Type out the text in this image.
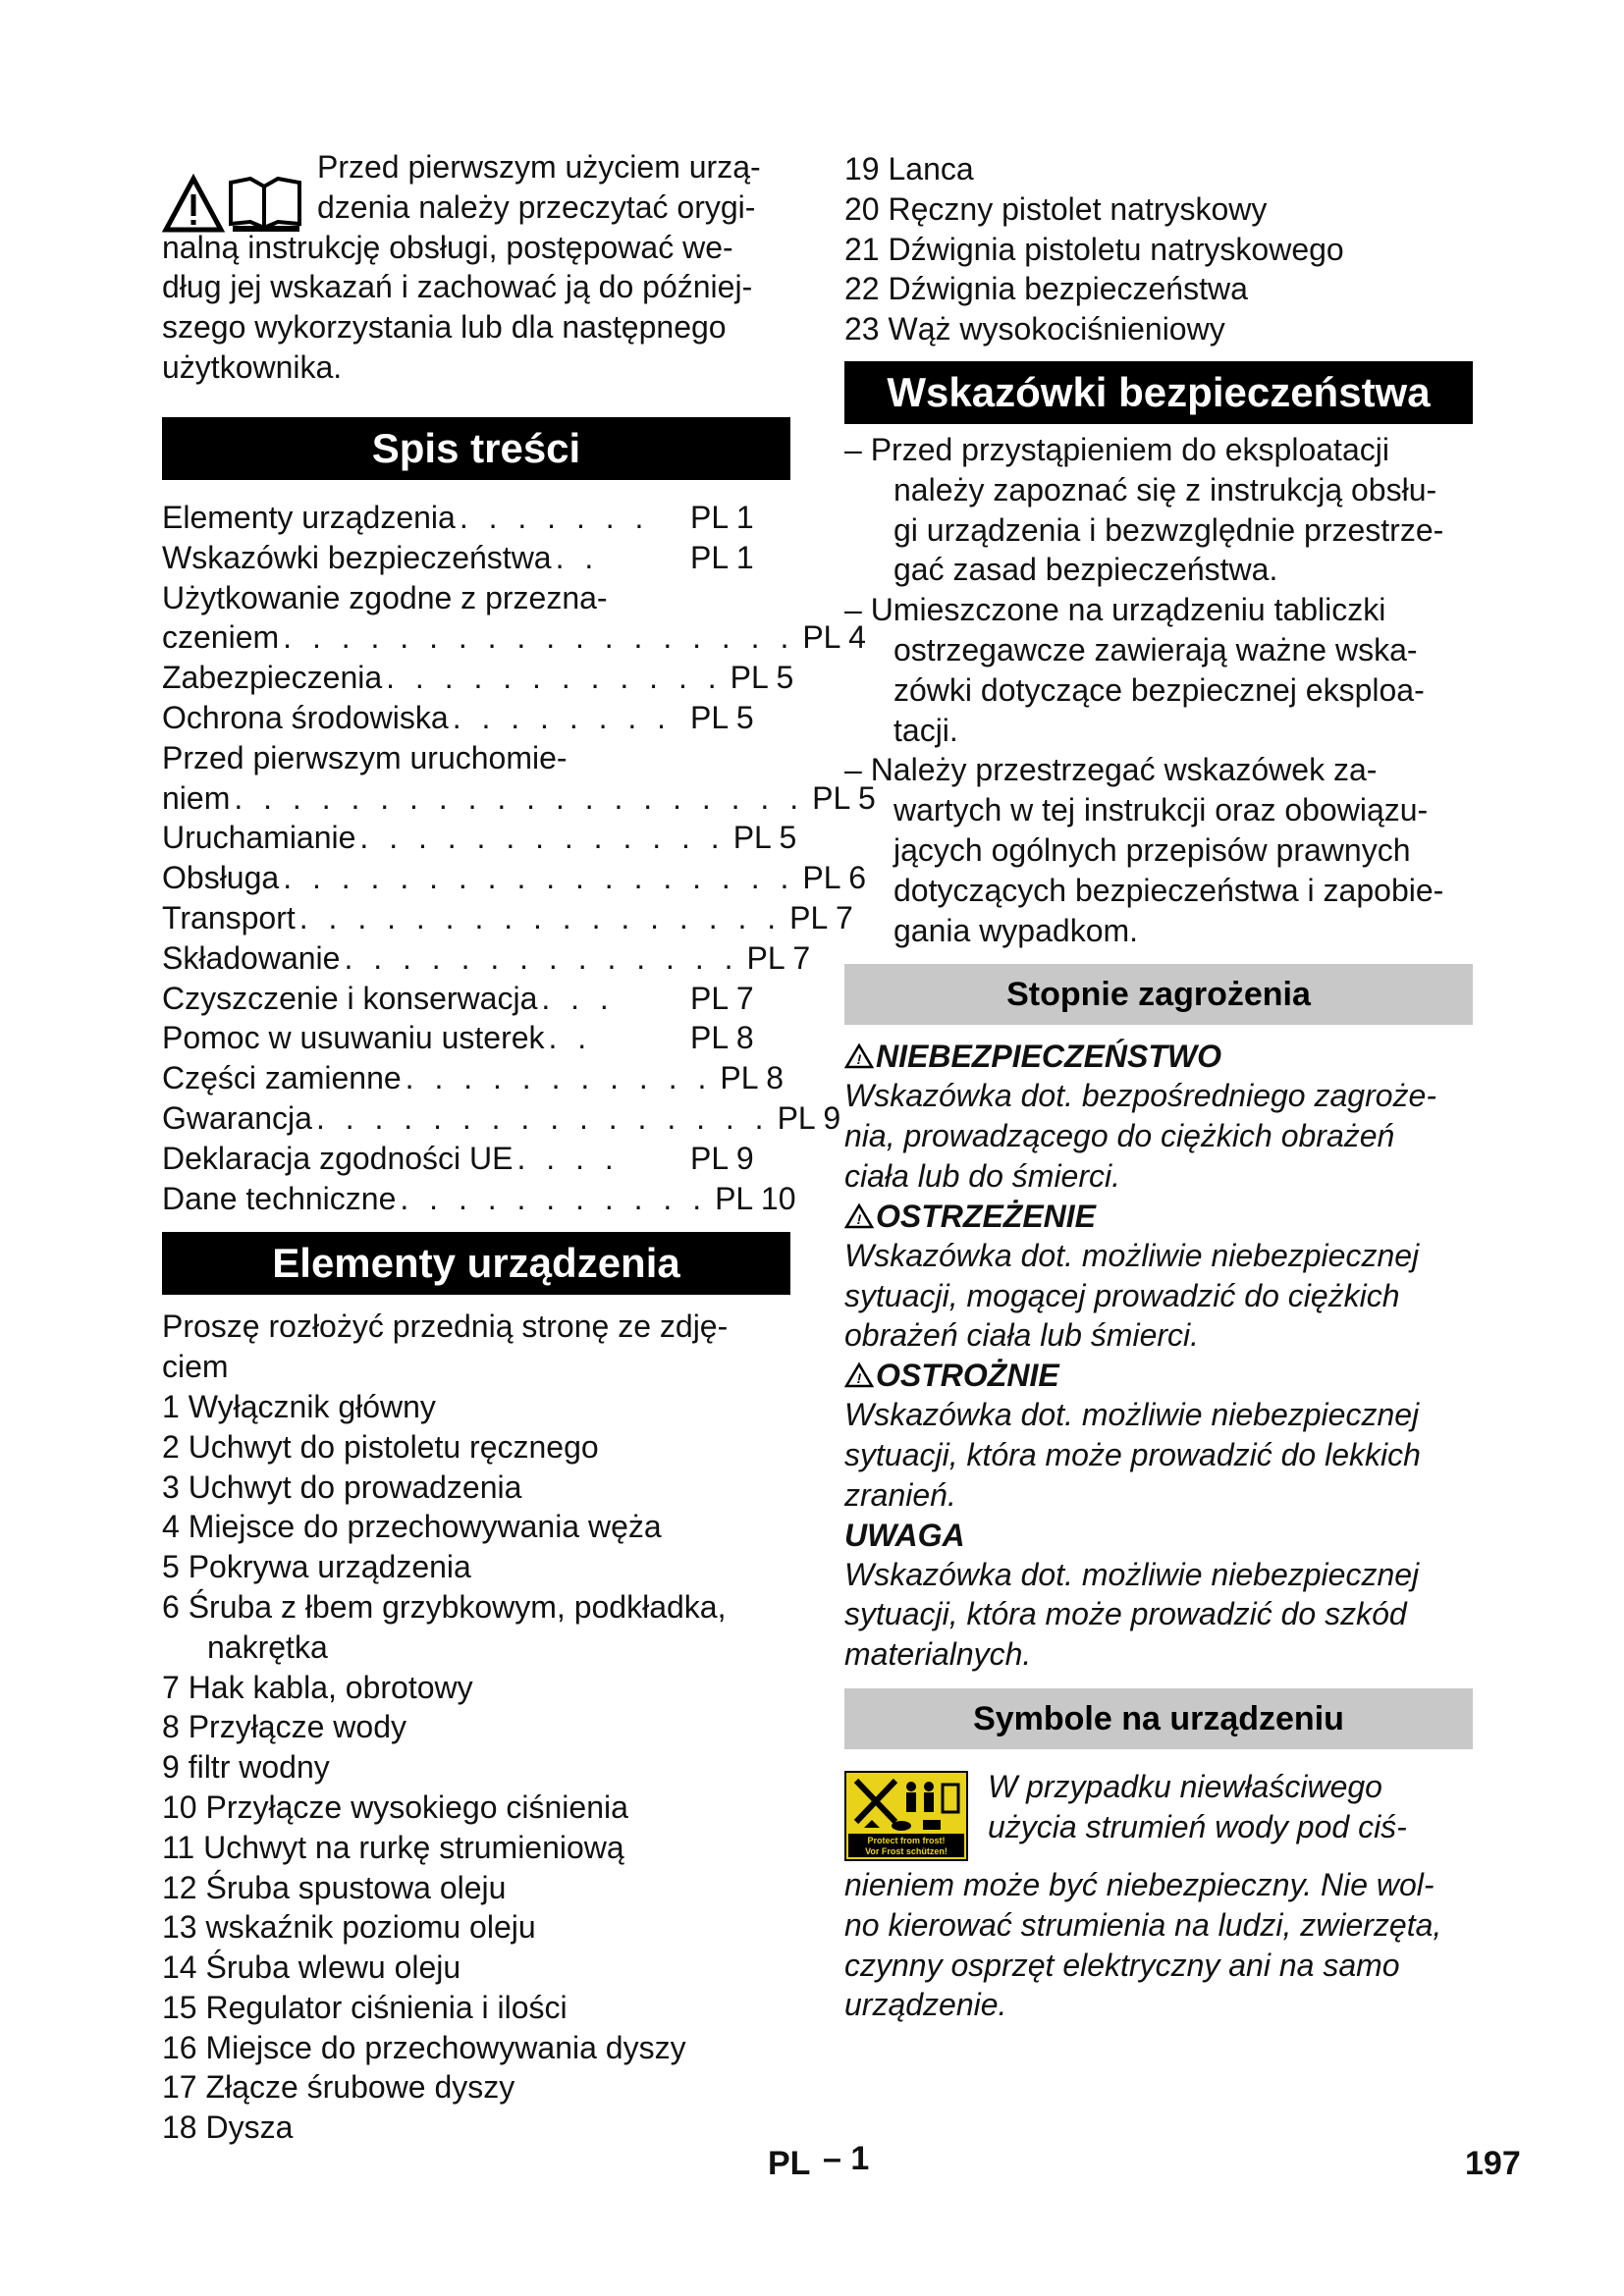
Przed pierwszym użyciem urzą-
dzenia należy przeczytać orygi-
nalną instrukcję obsługi, postępować we-
dług jej wskazań i zachować ją do później-
szego wykorzystania lub dla następnego
użytkownika.
Spis treści
Elementy urządzenia . . . . . . .	PL 1
Wskazówki bezpieczeństwa . .	PL 1
Użytkowanie zgodne z przezna-
czeniem . . . . . . . . . . . . . . . . . . PL 4
Zabezpieczenia . . . . . . . . . . . . PL 5
Ochrona środowiska . . . . . . . . PL 5
Przed pierwszym uruchomie-
niem . . . . . . . . . . . . . . . . . . . . PL 5
Uruchamianie . . . . . . . . . . . . . PL 5
Obsługa . . . . . . . . . . . . . . . . . . PL 6
Transport . . . . . . . . . . . . . . . . . PL 7
Składowanie . . . . . . . . . . . . . . PL 7
Czyszczenie i konserwacja . . .	PL 7
Pomoc w usuwaniu usterek . .	PL 8
Części zamienne . . . . . . . . . . . PL 8
Gwarancja . . . . . . . . . . . . . . . . PL 9
Deklaracja zgodności UE . . . .	PL 9
Dane techniczne . . . . . . . . . . . PL 10
Elementy urządzenia
Proszę rozłożyć przednią stronę ze zdję-
ciem
1 Wyłącznik główny
2 Uchwyt do pistoletu ręcznego
3 Uchwyt do prowadzenia
4 Miejsce do przechowywania węża
5 Pokrywa urządzenia
6 Śruba z łbem grzybkowym, podkładka, nakrętka
7 Hak kabla, obrotowy
8 Przyłącze wody
9 filtr wodny
10 Przyłącze wysokiego ciśnienia
11 Uchwyt na rurkę strumieniową
12 Śruba spustowa oleju
13 wskaźnik poziomu oleju
14 Śruba wlewu oleju
15 Regulator ciśnienia i ilości
16 Miejsce do przechowywania dyszy
17 Złącze śrubowe dyszy
18 Dysza
19 Lanca
20 Ręczny pistolet natryskowy
21 Dźwignia pistoletu natryskowego
22 Dźwignia bezpieczeństwa
23 Wąż wysokociśnieniowy
Wskazówki bezpieczeństwa
– Przed przystąpieniem do eksploatacji
należy zapoznać się z instrukcją obsłu-
gi urządzenia i bezwzględnie przestrze-
gać zasad bezpieczeństwa.
– Umieszczone na urządzeniu tabliczki
ostrzegawcze zawierają ważne wska-
zówki dotyczące bezpiecznej eksploa-
tacji.
– Należy przestrzegać wskazówek za-
wartych w tej instrukcji oraz obowiązu-
jących ogólnych przepisów prawnych
dotyczących bezpieczeństwa i zapobie-
gania wypadkom.
Stopnie zagrożenia
! NIEBEZPIECZEŃSTWO
Wskazówka dot. bezpośredniego zagroże-
nia, prowadzącego do ciężkich obrażeń
ciała lub do śmierci.
! OSTRZEŻENIE
Wskazówka dot. możliwie niebezpiecznej
sytuacji, mogącej prowadzić do ciężkich
obrażeń ciała lub śmierci.
! OSTROŻNIE
Wskazówka dot. możliwie niebezpiecznej
sytuacji, która może prowadzić do lekkich
zranień.
UWAGA
Wskazówka dot. możliwie niebezpiecznej
sytuacji, która może prowadzić do szkód
materialnych.
Symbole na urządzeniu
Protect from frost!
Vor Frost schützen!
W przypadku niewłaściwego
użycia strumień wody pod ciś-
nieniem może być niebezpieczny. Nie wol-
no kierować strumienia na ludzi, zwierzęta,
czynny osprzęt elektryczny ani na samo
urządzenie.
PL – 1	197
